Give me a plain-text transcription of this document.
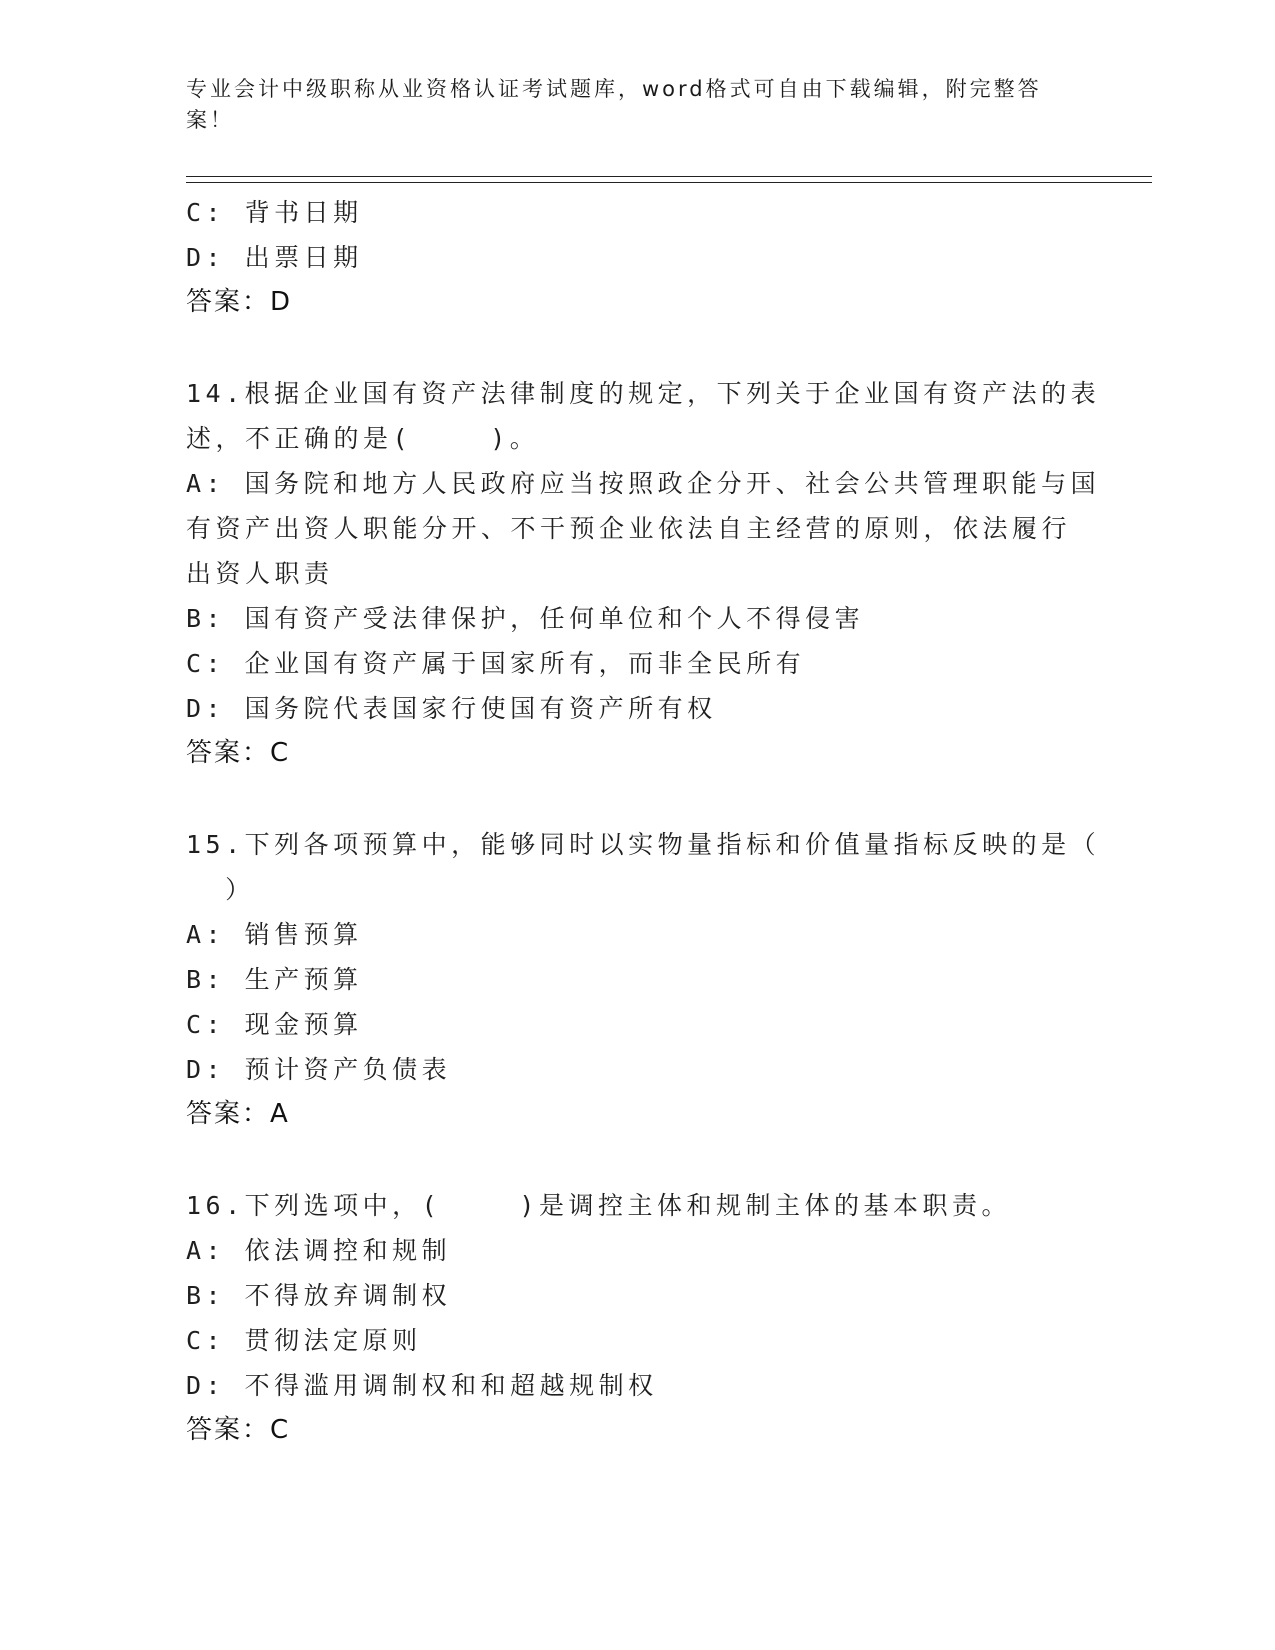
专业会计中级职称从业资格认证考试题库，word格式可自由下载编辑，附完整答案！
C: 背书日期
D: 出票日期
答案：D
14.根据企业国有资产法律制度的规定，下列关于企业国有资产法的表
述，不正确的是(    )。
A: 国务院和地方人民政府应当按照政企分开、社会公共管理职能与国
有资产出资人职能分开、不干预企业依法自主经营的原则，依法履行
出资人职责
B: 国有资产受法律保护，任何单位和个人不得侵害
C: 企业国有资产属于国家所有，而非全民所有
D: 国务院代表国家行使国有资产所有权
答案：C
15.下列各项预算中，能够同时以实物量指标和价值量指标反映的是（
）
A: 销售预算
B: 生产预算
C: 现金预算
D: 预计资产负债表
答案：A
16.下列选项中，(    )是调控主体和规制主体的基本职责。
A: 依法调控和规制
B: 不得放弃调制权
C: 贯彻法定原则
D: 不得滥用调制权和和超越规制权
答案：C
